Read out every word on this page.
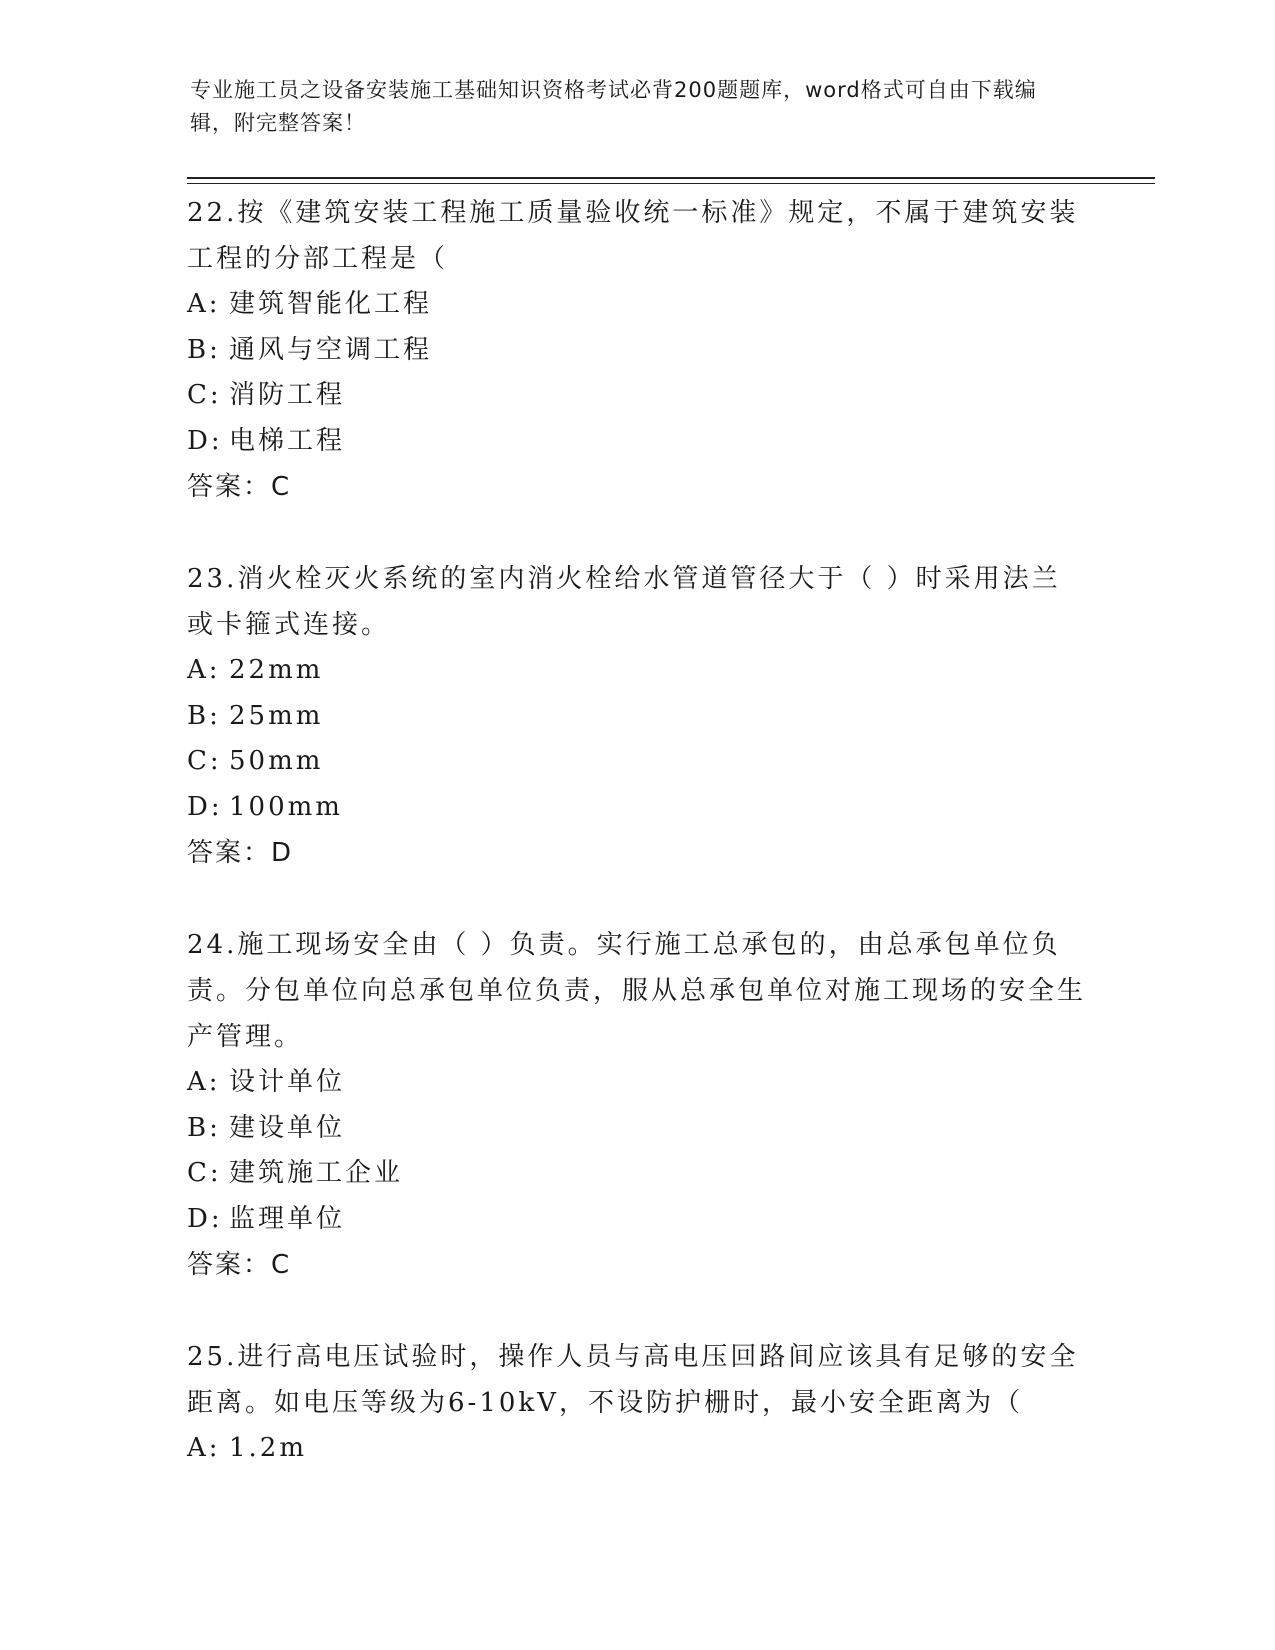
专业施工员之设备安装施工基础知识资格考试必背200题题库，word格式可自由下载编辑，附完整答案！

22.按《建筑安装工程施工质量验收统一标准》规定，不属于建筑安装工程的分部工程是（

A: 建筑智能化工程
B: 通风与空调工程
C: 消防工程
D: 电梯工程

答案：C

23.消火栓灭火系统的室内消火栓给水管道管径大于（ ）时采用法兰或卡箍式连接。

A: 22mm
B: 25mm
C: 50mm
D: 100mm

答案：D

24.施工现场安全由（ ）负责。实行施工总承包的，由总承包单位负责。分包单位向总承包单位负责，服从总承包单位对施工现场的安全生产管理。

A: 设计单位
B: 建设单位
C: 建筑施工企业
D: 监理单位

答案：C

25.进行高电压试验时，操作人员与高电压回路间应该具有足够的安全距离。如电压等级为6-10kV，不设防护栅时，最小安全距离为（

A: 1.2m
